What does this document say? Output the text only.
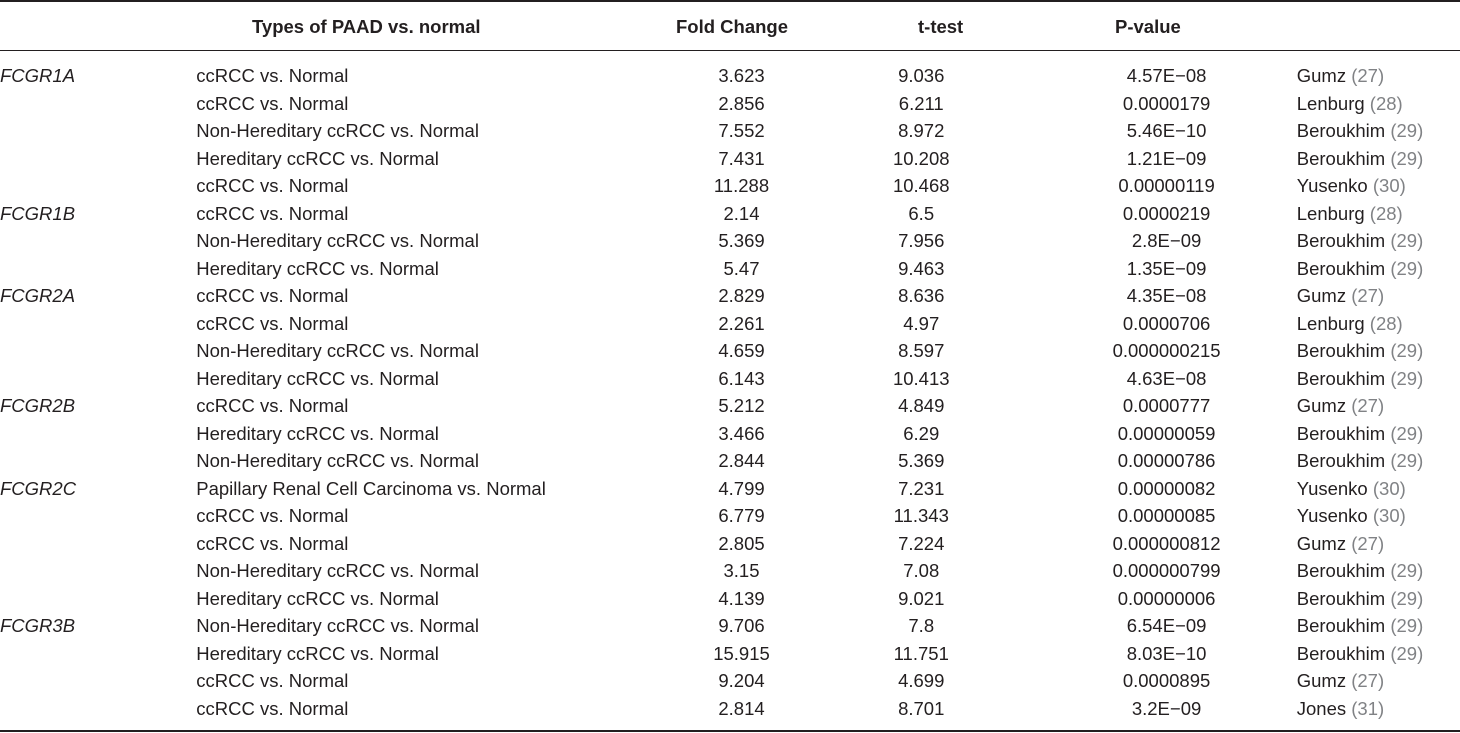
Types of PAAD vs. normal	Fold Change	t-test	P-value
FCGR1A	ccRCC vs. Normal	3.623	9.036	4.57E−08	Gumz (27)
	ccRCC vs. Normal	2.856	6.211	0.0000179	Lenburg (28)
	Non-Hereditary ccRCC vs. Normal	7.552	8.972	5.46E−10	Beroukhim (29)
	Hereditary ccRCC vs. Normal	7.431	10.208	1.21E−09	Beroukhim (29)
	ccRCC vs. Normal	11.288	10.468	0.00000119	Yusenko (30)
FCGR1B	ccRCC vs. Normal	2.14	6.5	0.0000219	Lenburg (28)
	Non-Hereditary ccRCC vs. Normal	5.369	7.956	2.8E−09	Beroukhim (29)
	Hereditary ccRCC vs. Normal	5.47	9.463	1.35E−09	Beroukhim (29)
FCGR2A	ccRCC vs. Normal	2.829	8.636	4.35E−08	Gumz (27)
	ccRCC vs. Normal	2.261	4.97	0.0000706	Lenburg (28)
	Non-Hereditary ccRCC vs. Normal	4.659	8.597	0.000000215	Beroukhim (29)
	Hereditary ccRCC vs. Normal	6.143	10.413	4.63E−08	Beroukhim (29)
FCGR2B	ccRCC vs. Normal	5.212	4.849	0.0000777	Gumz (27)
	Hereditary ccRCC vs. Normal	3.466	6.29	0.00000059	Beroukhim (29)
	Non-Hereditary ccRCC vs. Normal	2.844	5.369	0.00000786	Beroukhim (29)
FCGR2C	Papillary Renal Cell Carcinoma vs. Normal	4.799	7.231	0.00000082	Yusenko (30)
	ccRCC vs. Normal	6.779	11.343	0.00000085	Yusenko (30)
	ccRCC vs. Normal	2.805	7.224	0.000000812	Gumz (27)
	Non-Hereditary ccRCC vs. Normal	3.15	7.08	0.000000799	Beroukhim (29)
	Hereditary ccRCC vs. Normal	4.139	9.021	0.00000006	Beroukhim (29)
FCGR3B	Non-Hereditary ccRCC vs. Normal	9.706	7.8	6.54E−09	Beroukhim (29)
	Hereditary ccRCC vs. Normal	15.915	11.751	8.03E−10	Beroukhim (29)
	ccRCC vs. Normal	9.204	4.699	0.0000895	Gumz (27)
	ccRCC vs. Normal	2.814	8.701	3.2E−09	Jones (31)
